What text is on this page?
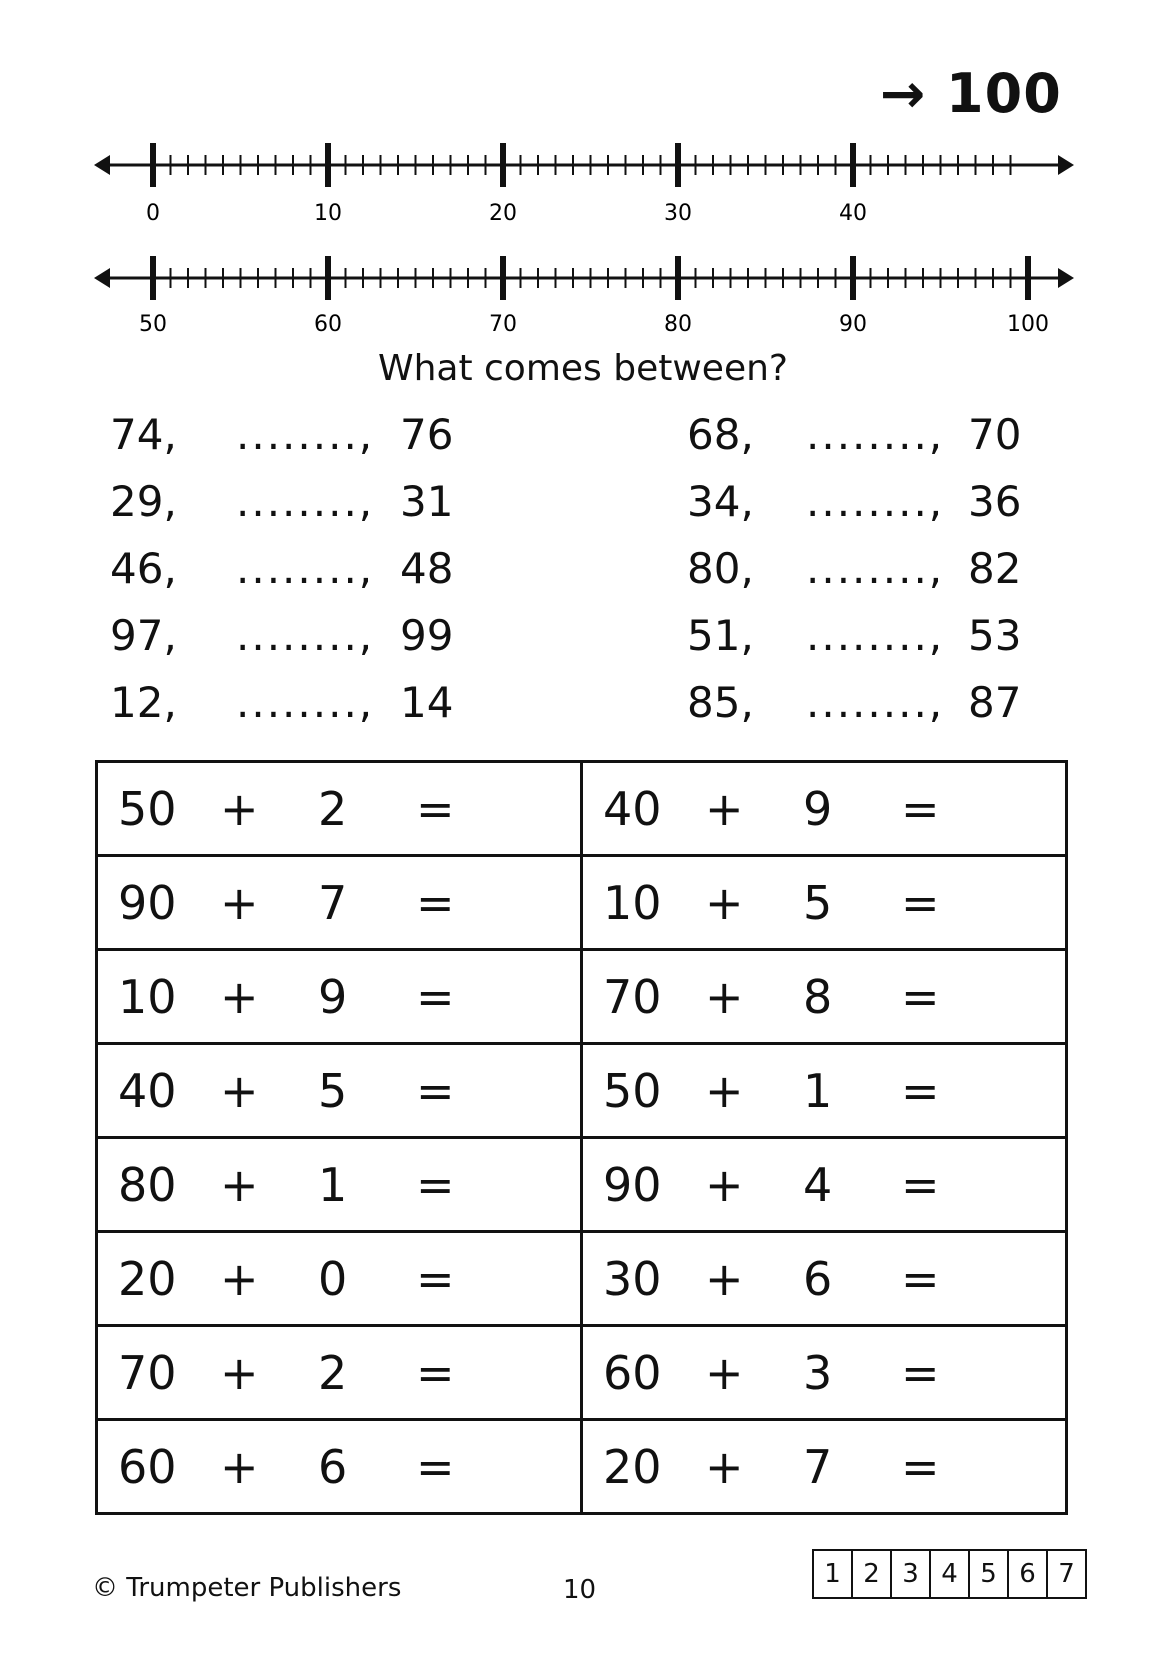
→ 100
0	10	20	30	40
50	60	70	80	90	100
What comes between?
74, ........, 76	68, ........, 70
29, ........, 31	34, ........, 36
46, ........, 48	80, ........, 82
97, ........, 99	51, ........, 53
12, ........, 14	85, ........, 87
50 + 2 =	40 + 9 =

90 + 7 =	10 + 5 =

10 + 9 =	70 + 8 =

40 + 5 =	50 + 1 =

80 + 1 =	90 + 4 =

20 + 0 =	30 + 6 =

70 + 2 =	60 + 3 =

60 + 6 =	20 + 7 =
© Trumpeter Publishers	10
1	2	3	4	5	6	7
